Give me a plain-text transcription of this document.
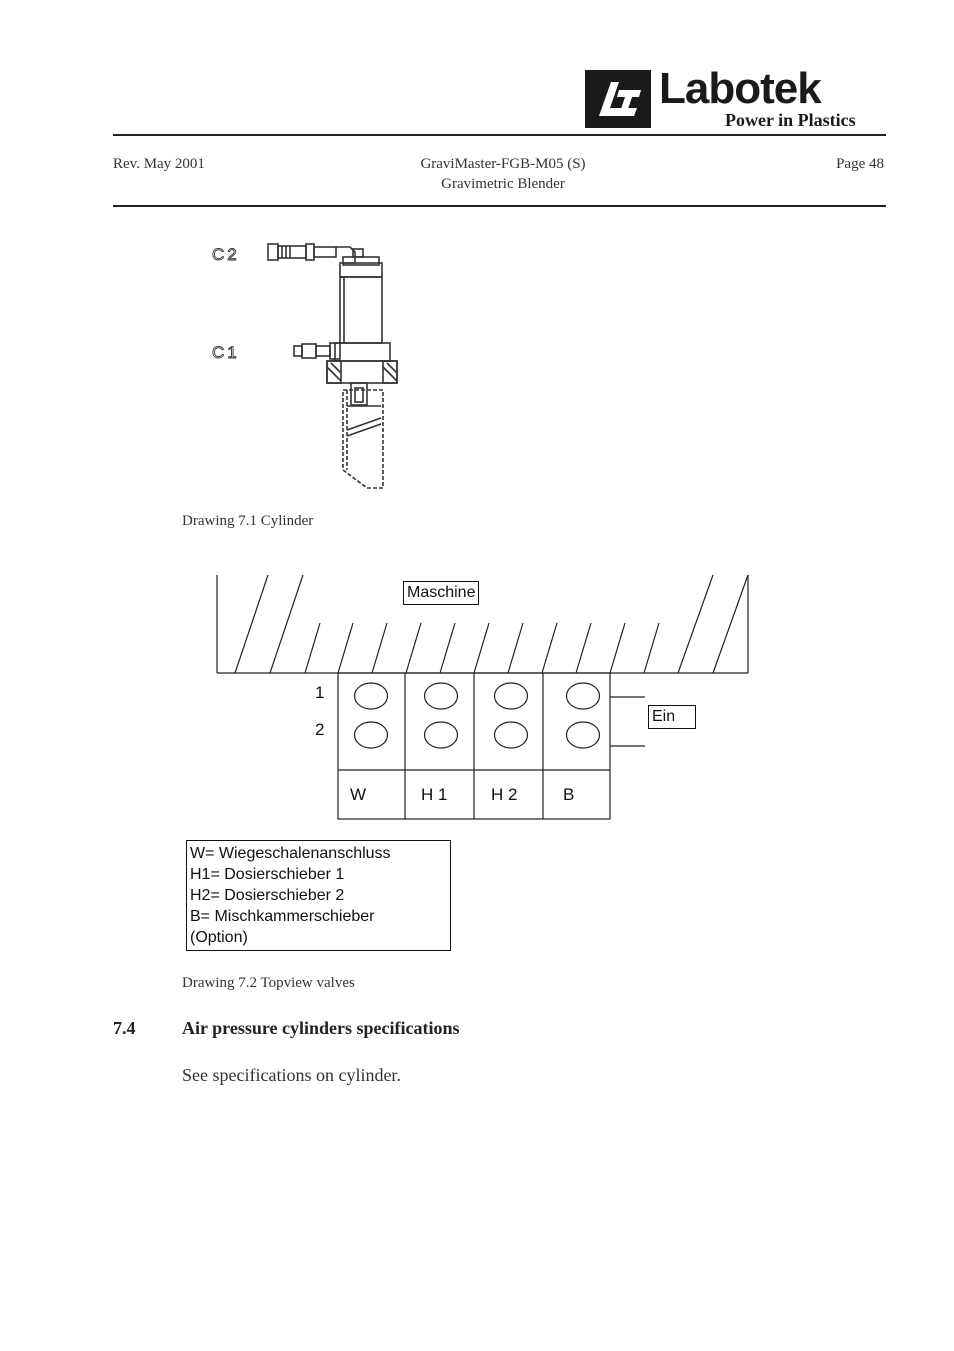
Labotek
Power in Plastics
Rev. May 2001	GraviMaster-FGB-M05 (S)
Gravimetric Blender
Page 48
C2
C1
Drawing 7.1 Cylinder
Maschine
Ein
1
2
W	H 1	H 2	B
W= Wiegeschalenanschluss
H1= Dosierschieber 1
H2= Dosierschieber 2
B= Mischkammerschieber
(Option)
Drawing 7.2 Topview valves
7.4	Air pressure cylinders specifications
See specifications on cylinder.
